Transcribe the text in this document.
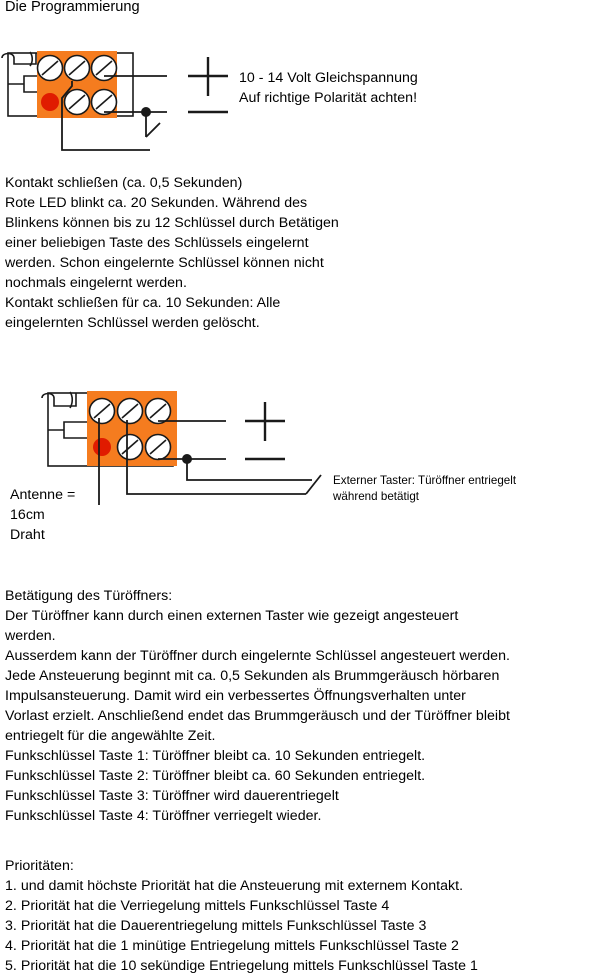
Die Programmierung
10 - 14 Volt Gleichspannung
Auf richtige Polarität achten!
Kontakt schließen (ca. 0,5 Sekunden)
Rote LED blinkt ca. 20 Sekunden. Während des
Blinkens können bis zu 12 Schlüssel durch Betätigen
einer beliebigen Taste des Schlüssels eingelernt
werden. Schon eingelernte Schlüssel können nicht
nochmals eingelernt werden.
Kontakt schließen für ca. 10 Sekunden: Alle
eingelernten Schlüssel werden gelöscht.
Externer Taster: Türöffner entriegelt
während betätigt
Antenne =
16cm
Draht
Betätigung des Türöffners:
Der Türöffner kann durch einen externen Taster wie gezeigt angesteuert
werden.
Ausserdem kann der Türöffner durch eingelernte Schlüssel angesteuert werden.
Jede Ansteuerung beginnt mit ca. 0,5 Sekunden als Brummgeräusch hörbaren
Impulsansteuerung. Damit wird ein verbessertes Öffnungsverhalten unter
Vorlast erzielt. Anschließend endet das Brummgeräusch und der Türöffner bleibt
entriegelt für die angewählte Zeit.
Funkschlüssel Taste 1: Türöffner bleibt ca. 10 Sekunden entriegelt.
Funkschlüssel Taste 2: Türöffner bleibt ca. 60 Sekunden entriegelt.
Funkschlüssel Taste 3: Türöffner wird dauerentriegelt
Funkschlüssel Taste 4: Türöffner verriegelt wieder.
Prioritäten:
1. und damit höchste Priorität hat die Ansteuerung mit externem Kontakt.
2. Priorität hat die Verriegelung mittels Funkschlüssel Taste 4
3. Priorität hat die Dauerentriegelung mittels Funkschlüssel Taste 3
4. Priorität hat die 1 minütige Entriegelung mittels Funkschlüssel Taste 2
5. Priorität hat die 10 sekündige Entriegelung mittels Funkschlüssel Taste 1
